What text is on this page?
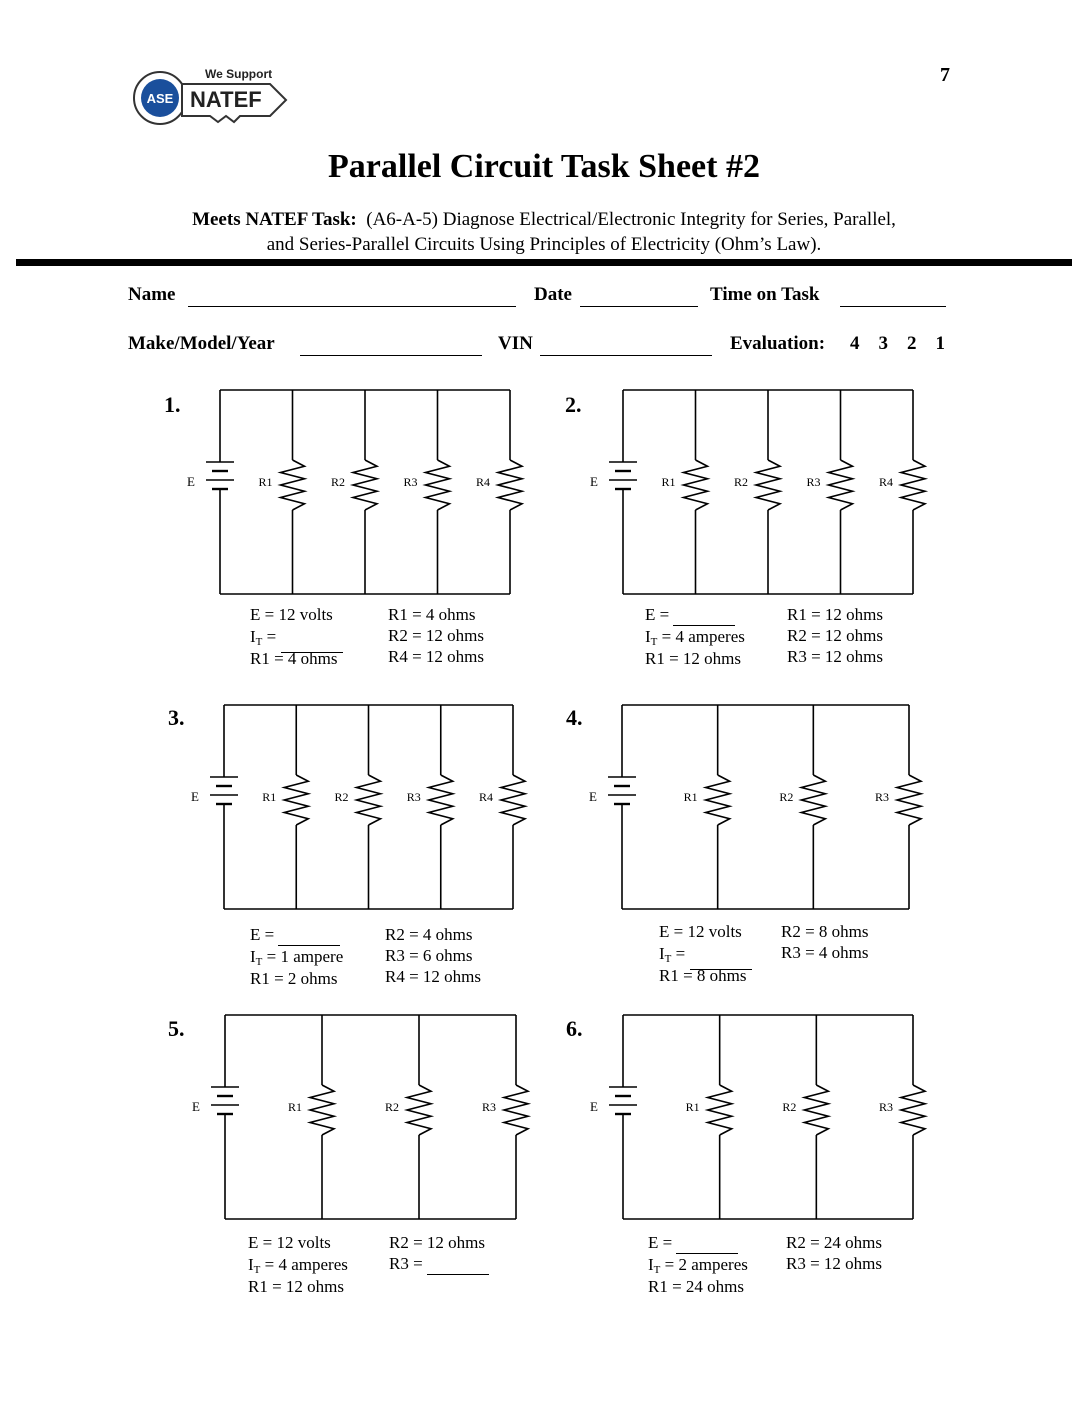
ASE
We Support
NATEF
7
Parallel Circuit Task Sheet #2
Meets NATEF Task: (A6-A-5) Diagnose Electrical/Electronic Integrity for Series, Parallel,
and Series-Parallel Circuits Using Principles of Electricity (Ohm’s Law).
Name	Date	Time on Task
Make/Model/Year	VIN	Evaluation: 4    3    2    1
E	R1	R2	R3	R4	E	R1	R2	R3	R4
E	R1	R2	R3	R4	E	R1	R2	R3
E	R1	R2	R3	E	R1	R2	R3
1.
E = 12 volts
$I_T$ =
R1 = 4 ohms
R1 = 4 ohms
R2 = 12 ohms
R4 = 12 ohms
2.
E =
$I_T = 4$ amperes
R1 = 12 ohms
R1 = 12 ohms
R2 = 12 ohms
R3 = 12 ohms
3.
E =
$I_T = 1$ ampere
R1 = 2 ohms
R2 = 4 ohms
R3 = 6 ohms
R4 = 12 ohms
4.
E = 12 volts
$I_T$ =
R1 = 8 ohms
R2 = 8 ohms
R3 = 4 ohms
5.
E = 12 volts
$I_T = 4$ amperes
R1 = 12 ohms
R2 = 12 ohms
R3 =
6.
E =
$I_T = 2$ amperes
R1 = 24 ohms
R2 = 24 ohms
R3 = 12 ohms
